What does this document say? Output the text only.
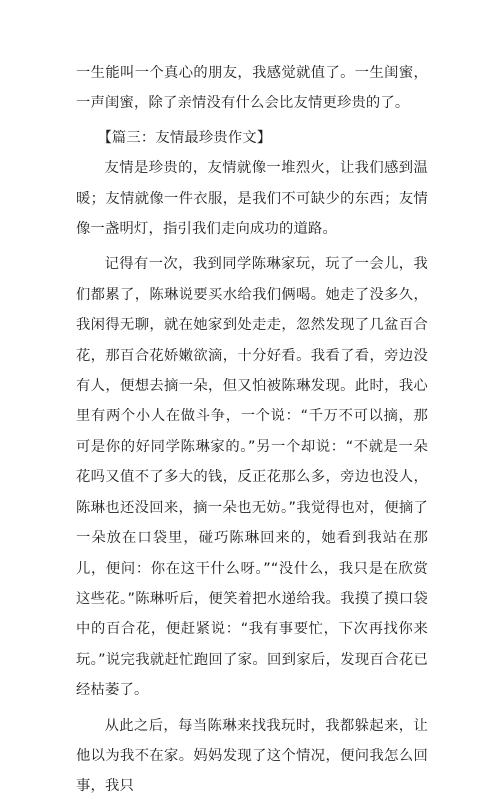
一生能叫一个真心的朋友，我感觉就值了。一生闺蜜，一声闺蜜，除了亲情没有什么会比友情更珍贵的了。

【篇三：友情最珍贵作文】

友情是珍贵的，友情就像一堆烈火，让我们感到温暖；友情就像一件衣服，是我们不可缺少的东西；友情像一盏明灯，指引我们走向成功的道路。

记得有一次，我到同学陈琳家玩，玩了一会儿，我们都累了，陈琳说要买水给我们俩喝。她走了没多久，我闲得无聊，就在她家到处走走，忽然发现了几盆百合花，那百合花娇嫩欲滴，十分好看。我看了看，旁边没有人，便想去摘一朵，但又怕被陈琳发现。此时，我心里有两个小人在做斗争，一个说：“千万不可以摘，那可是你的好同学陈琳家的。”另一个却说：“不就是一朵花吗又值不了多大的钱，反正花那么多，旁边也没人，陈琳也还没回来，摘一朵也无妨。”我觉得也对，便摘了一朵放在口袋里，碰巧陈琳回来的，她看到我站在那儿，便问：你在这干什么呀。”“没什么，我只是在欣赏这些花。”陈琳听后，便笑着把水递给我。我摸了摸口袋中的百合花，便赶紧说：“我有事要忙，下次再找你来玩。”说完我就赶忙跑回了家。回到家后，发现百合花已经枯萎了。

从此之后，每当陈琳来找我玩时，我都躲起来，让他以为我不在家。妈妈发现了这个情况，便问我怎么回事，我只
